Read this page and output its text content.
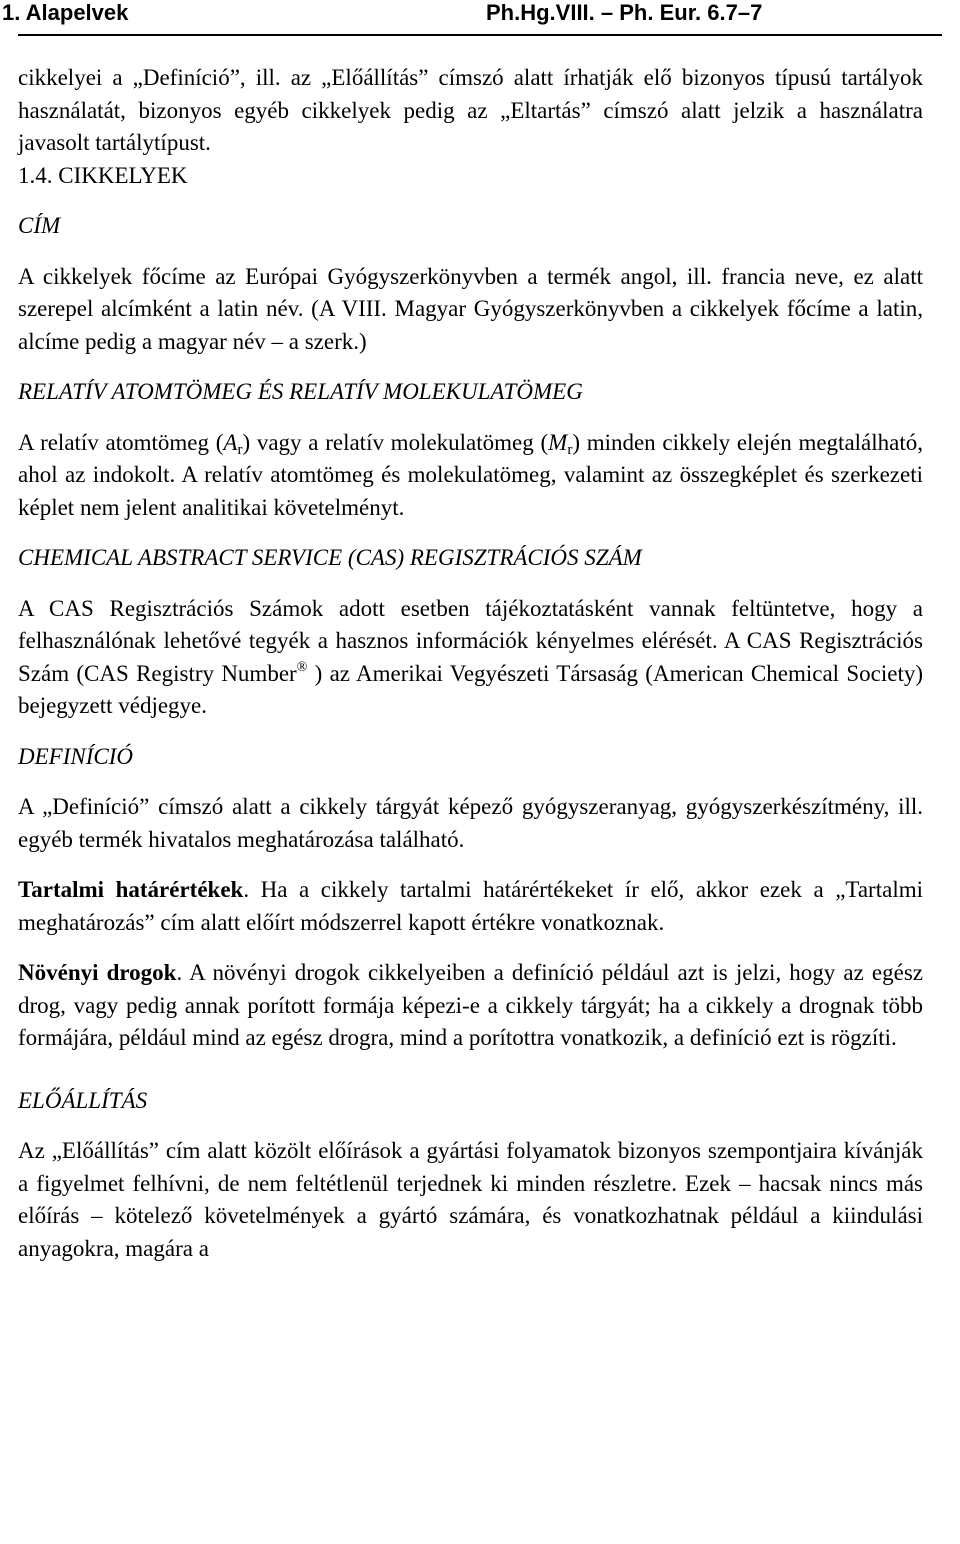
1. Alapelvek	Ph.Hg.VIII. – Ph. Eur. 6.7–7

cikkelyei a „Definíció”, ill. az „Előállítás” címszó alatt írhatják elő bizonyos típusú tartályok használatát, bizonyos egyéb cikkelyek pedig az „Eltartás” címszó alatt jelzik a használatra javasolt tartálytípust.

1.4. CIKKELYEK

CÍM

A cikkelyek főcíme az Európai Gyógyszerkönyvben a termék angol, ill. francia neve, ez alatt szerepel alcímként a latin név. (A VIII. Magyar Gyógyszerkönyvben a cikkelyek főcíme a latin, alcíme pedig a magyar név – a szerk.)

RELATÍV ATOMTÖMEG ÉS RELATÍV MOLEKULATÖMEG

A relatív atomtömeg $(A_r)$ vagy a relatív molekulatömeg $(M_r)$ minden cikkely elején megtalálható, ahol az indokolt. A relatív atomtömeg és molekulatömeg, valamint az összegképlet és szerkezeti képlet nem jelent analitikai követelményt.

CHEMICAL ABSTRACT SERVICE (CAS) REGISZTRÁCIÓS SZÁM

A CAS Regisztrációs Számok adott esetben tájékoztatásként vannak feltüntetve, hogy a felhasználónak lehetővé tegyék a hasznos információk kényelmes elérését. A CAS Regisztrációs Szám (CAS Registry Number® ) az Amerikai Vegyészeti Társaság (American Chemical Society) bejegyzett védjegye.

DEFINÍCIÓ

A „Definíció” címszó alatt a cikkely tárgyát képező gyógyszeranyag, gyógyszerkészítmény, ill. egyéb termék hivatalos meghatározása található.

Tartalmi határértékek. Ha a cikkely tartalmi határértékeket ír elő, akkor ezek a „Tartalmi meghatározás” cím alatt előírt módszerrel kapott értékre vonatkoznak.

Növényi drogok. A növényi drogok cikkelyeiben a definíció például azt is jelzi, hogy az egész drog, vagy pedig annak porított formája képezi-e a cikkely tárgyát; ha a cikkely a drognak több formájára, például mind az egész drogra, mind a porítottra vonatkozik, a definíció ezt is rögzíti.

ELŐÁLLÍTÁS

Az „Előállítás” cím alatt közölt előírások a gyártási folyamatok bizonyos szempontjaira kívánják a figyelmet felhívni, de nem feltétlenül terjednek ki minden részletre. Ezek – hacsak nincs más előírás – kötelező követelmények a gyártó számára, és vonatkozhatnak például a kiindulási anyagokra, magára a
